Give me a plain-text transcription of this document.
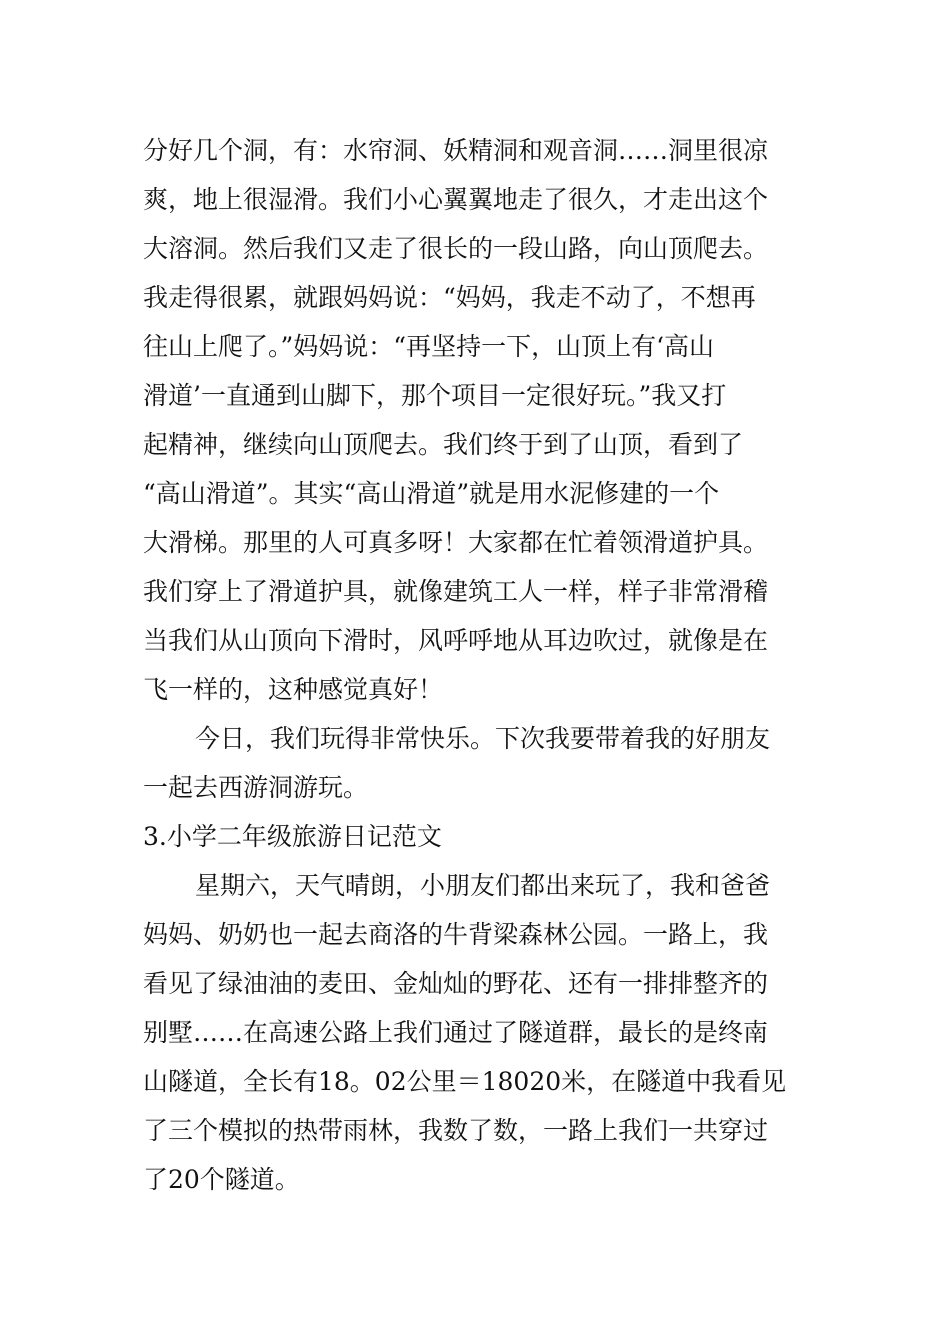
分好几个洞，有：水帘洞、妖精洞和观音洞……洞里很凉
爽，地上很湿滑。我们小心翼翼地走了很久，才走出这个
大溶洞。然后我们又走了很长的一段山路，向山顶爬去。
我走得很累，就跟妈妈说：“妈妈，我走不动了，不想再
往山上爬了。”妈妈说：“再坚持一下，山顶上有‘高山
滑道’一直通到山脚下，那个项目一定很好玩。”我又打
起精神，继续向山顶爬去。我们终于到了山顶，看到了
“高山滑道”。其实“高山滑道”就是用水泥修建的一个
大滑梯。那里的人可真多呀！大家都在忙着领滑道护具。
我们穿上了滑道护具，就像建筑工人一样，样子非常滑稽
当我们从山顶向下滑时，风呼呼地从耳边吹过，就像是在
飞一样的，这种感觉真好！
今日，我们玩得非常快乐。下次我要带着我的好朋友
一起去西游洞游玩。
3.小学二年级旅游日记范文
星期六，天气晴朗，小朋友们都出来玩了，我和爸爸
妈妈、奶奶也一起去商洛的牛背梁森林公园。一路上，我
看见了绿油油的麦田、金灿灿的野花、还有一排排整齐的
别墅……在高速公路上我们通过了隧道群，最长的是终南
山隧道，全长有18。02公里＝18020米，在隧道中我看见
了三个模拟的热带雨林，我数了数，一路上我们一共穿过
了20个隧道。
